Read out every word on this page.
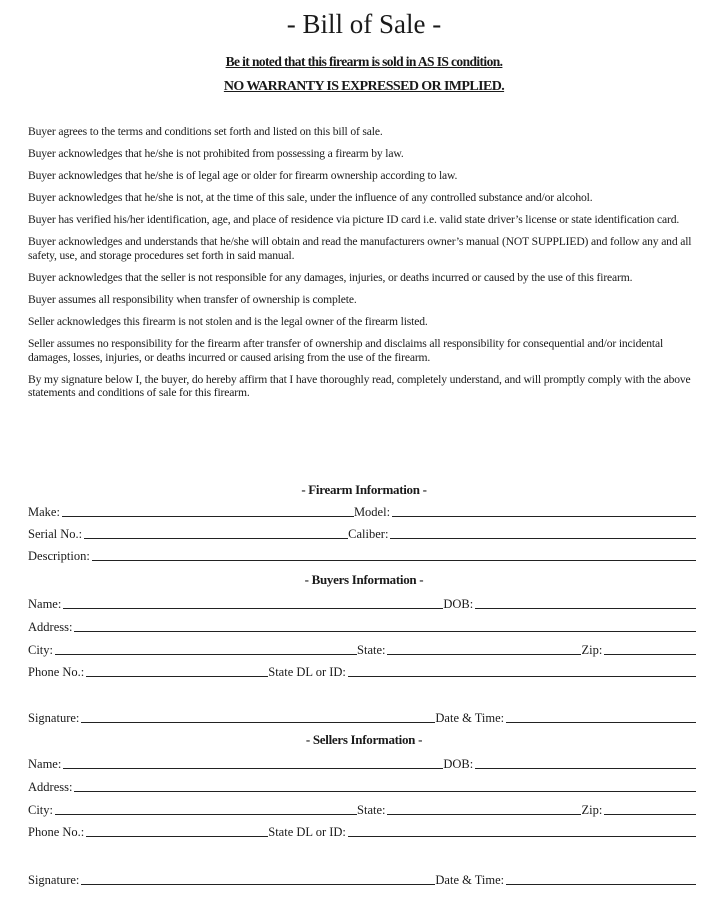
- Bill of Sale -
Be it noted that this firearm is sold in AS IS condition.
NO WARRANTY IS EXPRESSED OR IMPLIED.

Buyer agrees to the terms and conditions set forth and listed on this bill of sale.

Buyer acknowledges that he/she is not prohibited from possessing a firearm by law.

Buyer acknowledges that he/she is of legal age or older for firearm ownership according to law.

Buyer acknowledges that he/she is not, at the time of this sale, under the influence of any controlled substance and/or alcohol.

Buyer has verified his/her identification, age, and place of residence via picture ID card i.e. valid state driver’s license or state identification card.

Buyer acknowledges and understands that he/she will obtain and read the manufacturers owner’s manual (NOT SUPPLIED) and follow any and all safety, use, and storage procedures set forth in said manual.

Buyer acknowledges that the seller is not responsible for any damages, injuries, or deaths incurred or caused by the use of this firearm.

Buyer assumes all responsibility when transfer of ownership is complete.

Seller acknowledges this firearm is not stolen and is the legal owner of the firearm listed.

Seller assumes no responsibility for the firearm after transfer of ownership and disclaims all responsibility for consequential and/or incidental damages, losses, injuries, or deaths incurred or caused arising from the use of the firearm.

By my signature below I, the buyer, do hereby affirm that I have thoroughly read, completely understand, and will promptly comply with the above statements and conditions of sale for this firearm.

- Firearm Information -
Make:	Model:
Serial No.:	Caliber:
Description:
- Buyers Information -
Name:	DOB:
Address:
City:	State:	Zip:
Phone No.:	State DL or ID:
Signature:	Date & Time:
- Sellers Information -
Name:	DOB:
Address:
City:	State:	Zip:
Phone No.:	State DL or ID:
Signature:	Date & Time:
